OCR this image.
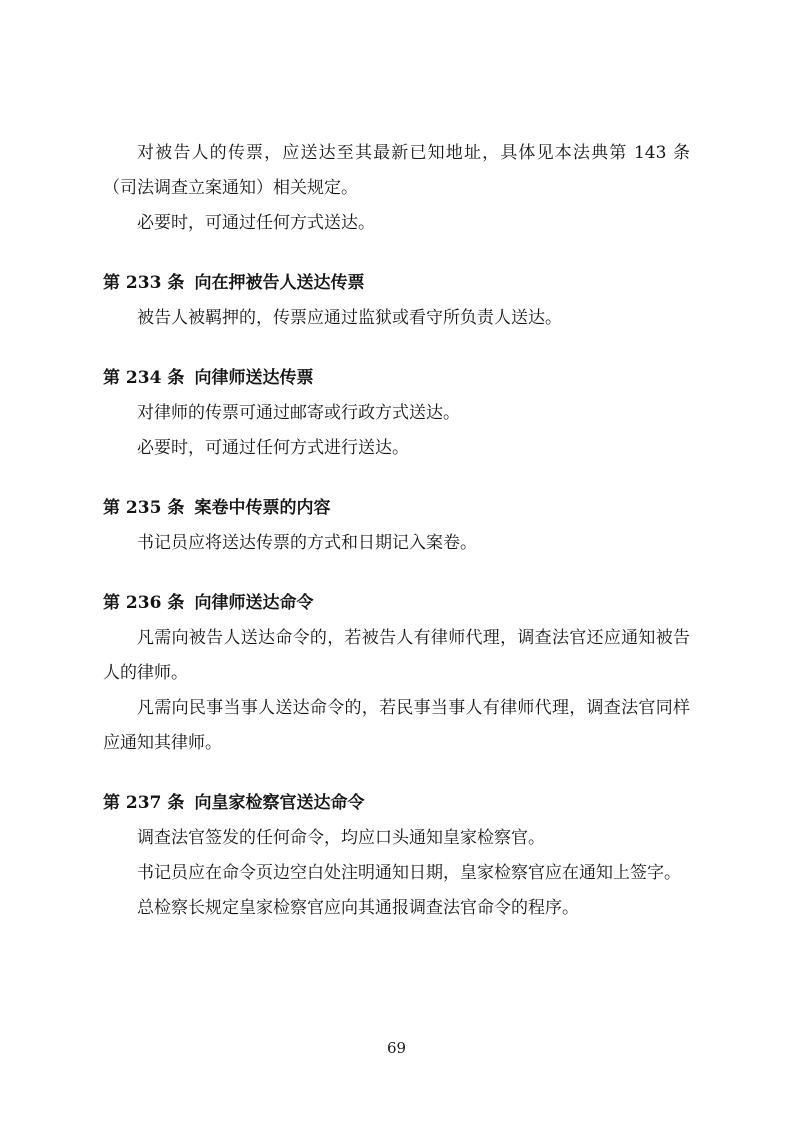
对被告人的传票，应送达至其最新已知地址，具体见本法典第 143 条（司法调查立案通知）相关规定。

必要时，可通过任何方式送达。

第 233 条 向在押被告人送达传票

被告人被羁押的，传票应通过监狱或看守所负责人送达。

第 234 条 向律师送达传票

对律师的传票可通过邮寄或行政方式送达。

必要时，可通过任何方式进行送达。

第 235 条 案卷中传票的内容

书记员应将送达传票的方式和日期记入案卷。

第 236 条 向律师送达命令

凡需向被告人送达命令的，若被告人有律师代理，调查法官还应通知被告人的律师。

凡需向民事当事人送达命令的，若民事当事人有律师代理，调查法官同样应通知其律师。

第 237 条 向皇家检察官送达命令

调查法官签发的任何命令，均应口头通知皇家检察官。

书记员应在命令页边空白处注明通知日期，皇家检察官应在通知上签字。

总检察长规定皇家检察官应向其通报调查法官命令的程序。

69
